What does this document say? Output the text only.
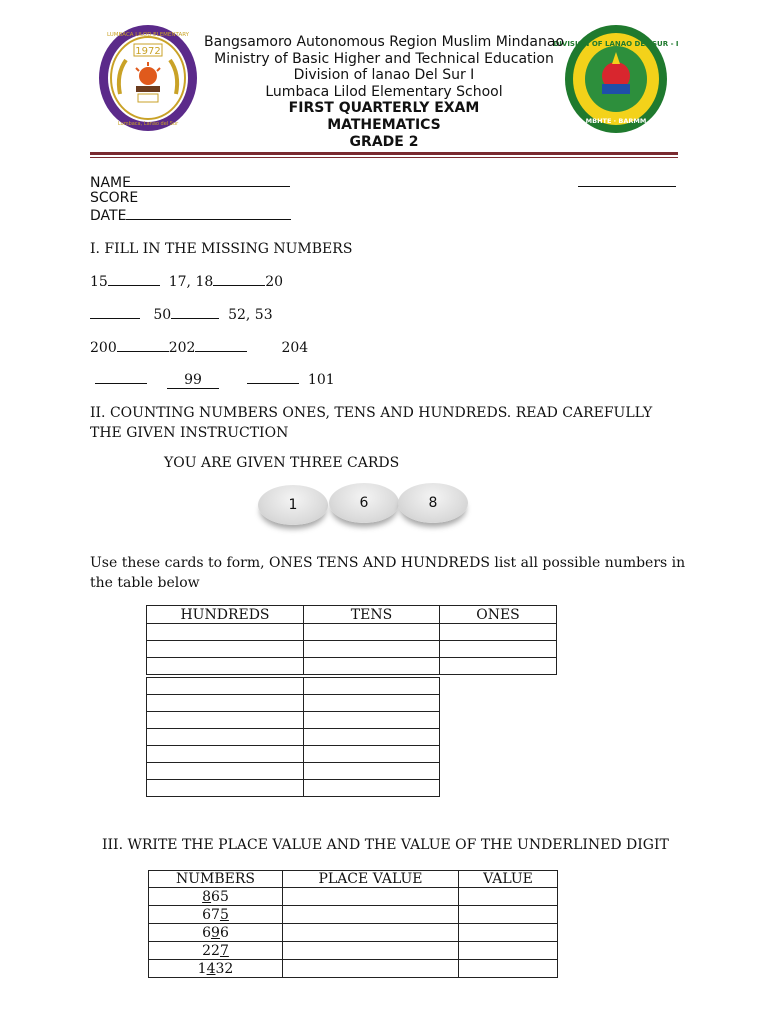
1972
LUMBACA LILOD ELEMENTARY
Lumbaca, Lanao del Sur
DIVISION OF LANAO DEL SUR - I
MBHTE · BARMM
Bangsamoro Autonomous Region Muslim Mindanao
Ministry of Basic Higher and Technical Education
Division of lanao Del Sur I
Lumbaca Lilod Elementary School
FIRST QUARTERLY EXAM
MATHEMATICS
GRADE 2
NAME
SCORE
DATE
I. FILL IN THE MISSING NUMBERS
15	17, 18	20
50	52, 53
200	202	204
99	101
II. COUNTING NUMBERS ONES, TENS AND HUNDREDS. READ CAREFULLY
THE GIVEN INSTRUCTION
YOU ARE GIVEN THREE CARDS
1	6	8
Use these cards to form, ONES TENS AND HUNDREDS list all possible numbers in
the table below
HUNDREDS	TENS	ONES

III. WRITE THE PLACE VALUE AND THE VALUE OF THE UNDERLINED DIGIT
NUMBERS	PLACE VALUE	VALUE
865		
675		
696		
227		
1432		
